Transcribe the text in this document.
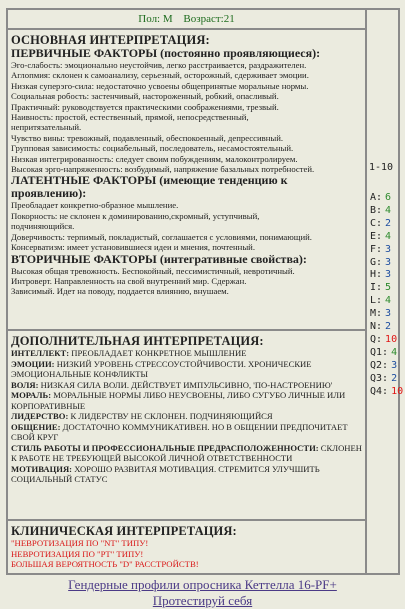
Пол: M Возраст:21

ОСНОВНАЯ ИНТЕРПРЕТАЦИЯ:

ПЕРВИЧНЫЕ ФАКТОРЫ (постоянно проявляющиеся):

Эго-слабость: эмоционально неустойчив, легко расстраивается, раздражителен.

Аглопмия: склонен к самоанализу, серьезный, осторожный, сдерживает эмоции.

Низкая суперэго-сила: недостаточно усвоены общепринятые моральные нормы.

Социальная робость: застенчивый, настороженный, робкий, опасливый.

Практичный: руководствуется практическими соображениями, трезвый.

Наивность: простой, естественный, прямой, непосредственный,

непритязательный.

Чувство вины: тревожный, подавленный, обеспокоенный, депрессивный.

Групповая зависимость: социабельный, последователь, несамостоятельный.

Низкая интегрированность: следует своим побуждениям, малоконтролируем.

Высокая эрго-напряженность: возбудимый, напряжение базальных потребностей.

ЛАТЕНТНЫЕ ФАКТОРЫ (имеющие тенденцию к проявлению):

Преобладает конкретно-образное мышление.

Покорность: не склонен к доминированию,скромный, уступчивый,

подчиняющийся.

Доверчивость: терпимый, покладистый, соглашается с условиями, понимающий.

Консерватизм: имеет установившиеся идеи и мнения, почтенный.

ВТОРИЧНЫЕ ФАКТОРЫ (интегративные свойства):

Высокая общая тревожность. Беспокойный, пессимистичный, невротичный.

Интроверт. Направленность на свой внутренний мир. Сдержан.

Зависимый. Идет на поводу, поддается влиянию, внушаем.

ДОПОЛНИТЕЛЬНАЯ ИНТЕРПРЕТАЦИЯ:

ИНТЕЛЛЕКТ: ПРЕОБЛАДАЕТ КОНКРЕТНОЕ МЫШЛЕНИЕ

ЭМОЦИИ: НИЗКИЙ УРОВЕНЬ СТРЕССОУСТОЙЧИВОСТИ. ХРОНИЧЕСКИЕ ЭМОЦИОНАЛЬНЫЕ КОНФЛИКТЫ

ВОЛЯ: НИЗКАЯ СИЛА ВОЛИ. ДЕЙСТВУЕТ ИМПУЛЬСИВНО, 'ПО-НАСТРОЕНИЮ'

МОРАЛЬ: МОРАЛЬНЫЕ НОРМЫ ЛИБО НЕУСВОЕНЫ, ЛИБО СУГУБО ЛИЧНЫЕ ИЛИ КОРПОРАТИВНЫЕ

ЛИДЕРСТВО: К ЛИДЕРСТВУ НЕ СКЛОНЕН. ПОДЧИНЯЮЩИЙСЯ

ОБЩЕНИЕ: ДОСТАТОЧНО КОММУНИКАТИВЕН. НО В ОБЩЕНИИ ПРЕДПОЧИТАЕТ СВОЙ КРУГ

СТИЛЬ РАБОТЫ И ПРОФЕССИОНАЛЬНЫЕ ПРЕДРАСПОЛОЖЕННОСТИ: СКЛОНЕН К РАБОТЕ НЕ ТРЕБУЮЩЕЙ ВЫСОКОЙ ЛИЧНОЙ ОТВЕТСТВЕННОСТИ

МОТИВАЦИЯ: ХОРОШО РАЗВИТАЯ МОТИВАЦИЯ. СТРЕМИТСЯ УЛУЧШИТЬ СОЦИАЛЬНЫЙ СТАТУС

КЛИНИЧЕСКАЯ ИНТЕРПРЕТАЦИЯ:

"НЕВРОТИЗАЦИЯ ПО "NT" ТИПУ!

НЕВРОТИЗАЦИЯ ПО "PT" ТИПУ!

БОЛЬШАЯ ВЕРОЯТНОСТЬ "D" РАССТРОЙСТВ!

1-10
A: 6
B: 4
C: 2
E: 4
F: 3
G: 3
H: 3
I: 5
L: 4
M: 3
N: 2
Q: 10
Q1: 4
Q2: 3
Q3: 2
Q4: 10
Гендерные профили опросника Кеттелла 16-PF+
Протестируй себя
